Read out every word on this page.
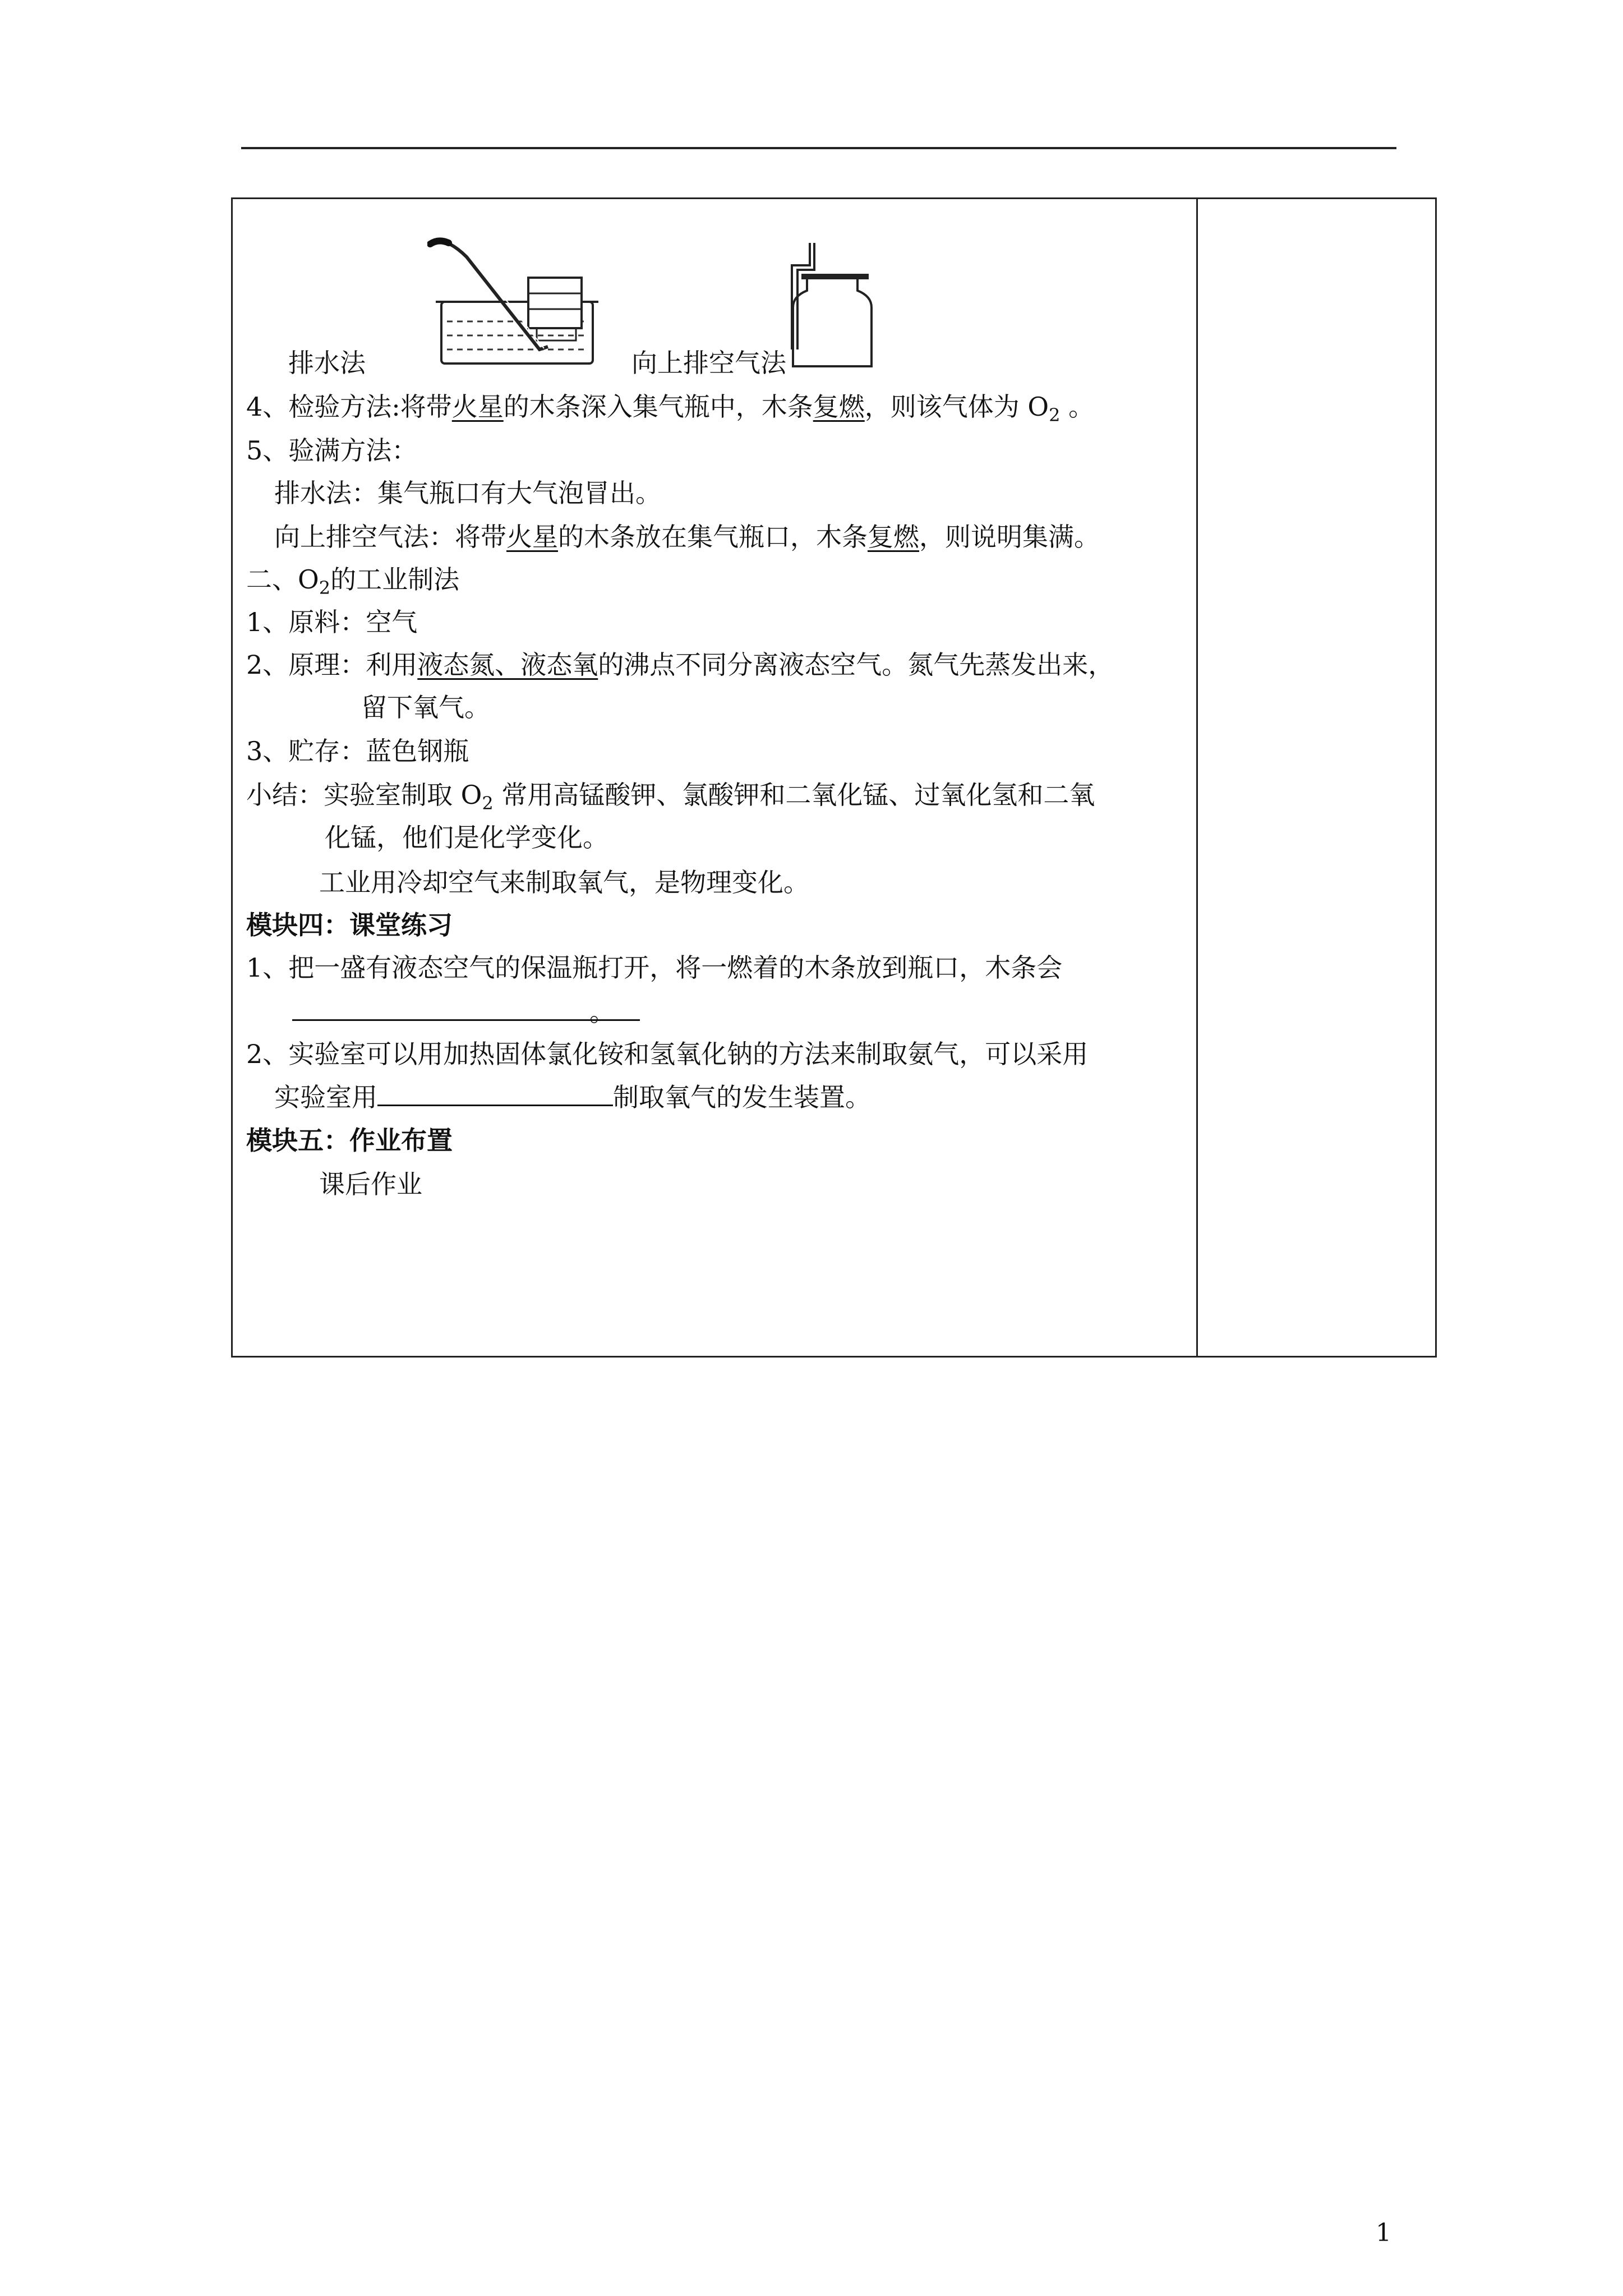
排水法	向上排空气法
4、检验方法:将带火星的木条深入集气瓶中，木条复燃，则该气体为 $O_2$ 。
5、验满方法：
排水法：集气瓶口有大气泡冒出。
向上排空气法：将带火星的木条放在集气瓶口，木条复燃，则说明集满。
二、$O_2$的工业制法
1、原料：空气
2、原理：利用液态氮、液态氧的沸点不同分离液态空气。氮气先蒸发出来，
留下氧气。
3、贮存：蓝色钢瓶
小结：实验室制取 $O_2$ 常用高锰酸钾、氯酸钾和二氧化锰、过氧化氢和二氧
化锰，他们是化学变化。
工业用冷却空气来制取氧气，是物理变化。
模块四：课堂练习
1、把一盛有液态空气的保温瓶打开，将一燃着的木条放到瓶口，木条会
。
2、实验室可以用加热固体氯化铵和氢氧化钠的方法来制取氨气，可以采用
实验室用	制取氧气的发生装置。
模块五：作业布置
课后作业
1
